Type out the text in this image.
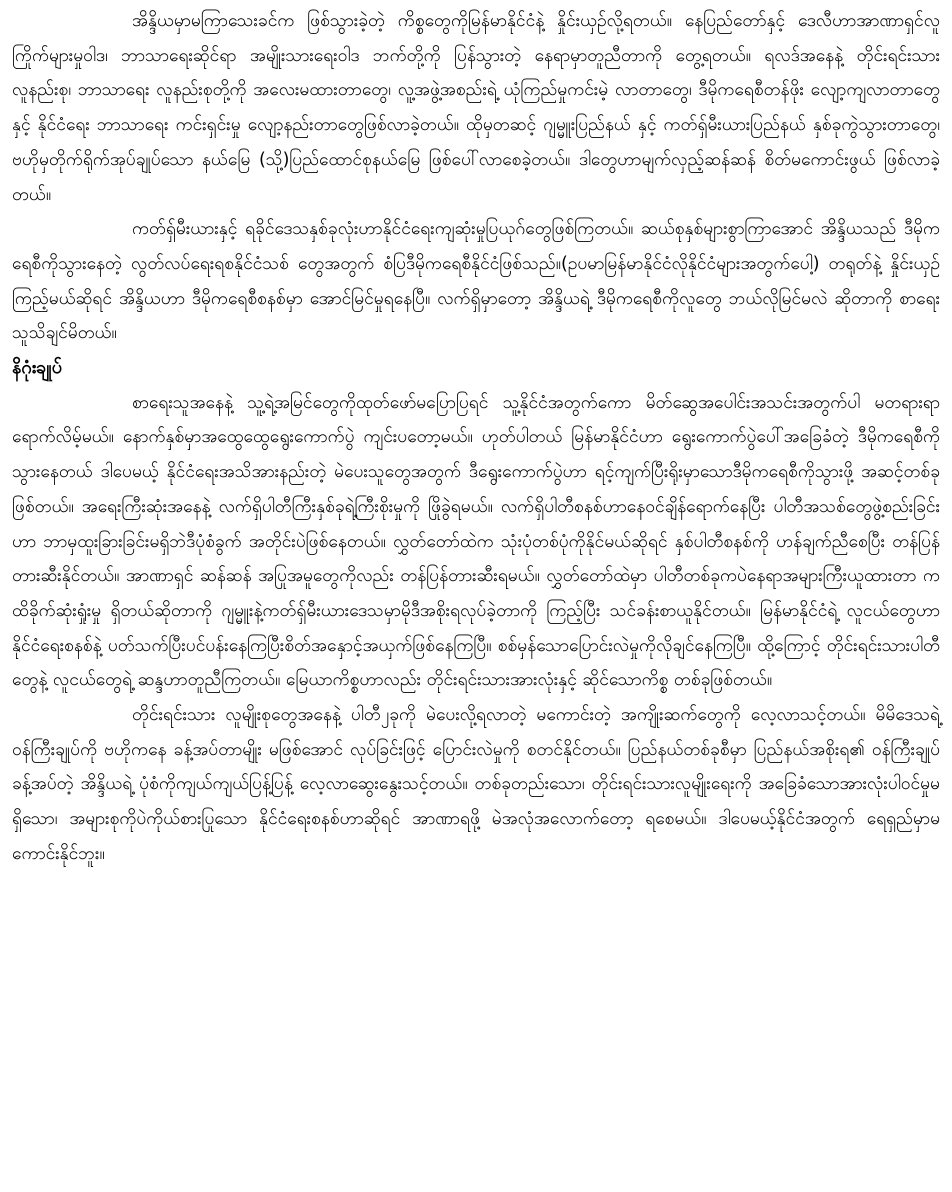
အိန္ဒိယမှာမကြာသေးခင်က ဖြစ်သွားခဲ့တဲ့ ကိစ္စတွေကိုမြန်မာနိုင်ငံနဲ့ နှိုင်းယှဉ်လို့ရတယ်။ နေပြည်တော်နှင့် ဒေလီဟာအာဏာရှင်လူကြိုက်များမှုဝါဒ၊ ဘာသာရေးဆိုင်ရာ အမျိုးသားရေးဝါဒ ဘက်တို့ကို ပြန်သွားတဲ့ နေရာမှာတူညီတာကို တွေ့ရတယ်။ ရလဒ်အနေနဲ့ တိုင်းရင်းသား လူနည်းစု၊ ဘာသာရေး လူနည်းစုတို့ကို အလေးမထားတာတွေ၊ လူ့အဖွဲ့အစည်းရဲ့ ယုံကြည်မှုကင်းမဲ့ လာတာတွေ၊ ဒီမိုကရေစီတန်ဖိုး လျော့ကျလာတာတွေနှင့် နိုင်ငံရေး ဘာသာရေး ကင်းရှင်းမှု လျော့နည်းတာတွေဖြစ်လာခဲ့တယ်။ ထိုမှတဆင့် ဂျမ္မူးပြည်နယ် နှင့် ကတ်ရှ်မီးယားပြည်နယ် နှစ်ခုကွဲသွားတာတွေ၊ ဗဟိုမှတိုက်ရိုက်အုပ်ချုပ်သော နယ်မြေ (သို့)ပြည်ထောင်စုနယ်မြေ ဖြစ်ပေါ်လာစေခဲ့တယ်။ ဒါတွေဟာမျက်လှည့်ဆန်ဆန် စိတ်မကောင်းဖွယ် ဖြစ်လာခဲ့တယ်။

ကတ်ရှ်မီးယားနှင့် ရခိုင်ဒေသနှစ်ခုလုံးဟာနိုင်ငံရေးကျဆုံးမှုပြယုဂ်တွေဖြစ်ကြတယ်။ ဆယ်စုနှစ်များစွာကြာအောင် အိန္ဒိယသည် ဒီမိုကရေစီကိုသွားနေတဲ့ လွတ်လပ်ရေးရစနိုင်ငံသစ် တွေအတွက် စံပြဒီမိုကရေစီနိုင်ငံဖြစ်သည်။(ဥပမာမြန်မာနိုင်ငံလိုနိုင်ငံများအတွက်ပေါ့) တရုတ်နဲ့ နှိုင်းယှဉ်ကြည့်မယ်ဆိုရင် အိန္ဒိယဟာ ဒီမိုကရေစီစနစ်မှာ အောင်မြင်မှုရနေပြီ။ လက်ရှိမှာတော့ အိန္ဒိယရဲ့ ဒီမိုကရေစီကိုလူတွေ ဘယ်လိုမြင်မလဲ ဆိုတာကို စာရေးသူသိချင်မိတယ်။

နိဂုံးချုပ်

စာရေးသူအနေနဲ့ သူ့ရဲ့အမြင်တွေကိုထုတ်ဖော်မပြောပြရင် သူ့နိုင်ငံအတွက်ကော မိတ်ဆွေအပေါင်းအသင်းအတွက်ပါ မတရားရာရောက်လိမ့်မယ်။ နောက်နှစ်မှာအထွေထွေရွေးကောက်ပွဲ ကျင်းပတော့မယ်။ ဟုတ်ပါတယ် မြန်မာနိုင်ငံဟာ ရွေးကောက်ပွဲပေါ်အခြေခံတဲ့ ဒီမိုကရေစီကိုသွားနေတယ် ဒါပေမယ့် နိုင်ငံရေးအသိအားနည်းတဲ့ မဲပေးသူတွေအတွက် ဒီရွေးကောက်ပွဲဟာ ရင့်ကျက်ပြီးရိုးမှာသောဒီမိုကရေစီကိုသွားဖို့ အဆင့်တစ်ခုဖြစ်တယ်။ အရေးကြီးဆုံးအနေနဲ့ လက်ရှိပါတီကြီးနှစ်ခုရဲ့ကြီးစိုးမှုကို ဖြိုခွဲရမယ်။ လက်ရှိပါတီစနစ်ဟာနေဝင်ချိန်ရောက်နေပြီး ပါတီအသစ်တွေဖွဲ့စည်းခြင်းဟာ ဘာမှထူးခြားခြင်းမရှိဘဲဒီပုံစံခွက် အတိုင်းပဲဖြစ်နေတယ်။ လွှတ်တော်ထဲက သုံးပုံတစ်ပုံကိုနိုင်မယ်ဆိုရင် နှစ်ပါတီစနစ်ကို ဟန်ချက်ညီစေပြီး တန်ပြန်တားဆီးနိုင်တယ်။ အာဏာရှင် ဆန်ဆန် အပြုအမူတွေကိုလည်း တန်ပြန်တားဆီးရမယ်။ လွှတ်တော်ထဲမှာ ပါတီတစ်ခုကပဲနေရာအများကြီးယူထားတာ ကထိခိုက်ဆုံးရှုံးမှု ရှိတယ်ဆိုတာကို ဂျမ္မူးနဲ့ကတ်ရှ်မီးယားဒေသမှာမိုဒီအစိုးရလုပ်ခဲ့တာကို ကြည့်ပြီး သင်ခန်းစာယူနိုင်တယ်။ မြန်မာနိုင်ငံရဲ့ လူငယ်တွေဟာနိုင်ငံရေးစနစ်နဲ့ ပတ်သက်ပြီးပင်ပန်းနေကြပြီးစိတ်အနှောင့်အယှက်ဖြစ်နေကြပြီ။ စစ်မှန်သောပြောင်းလဲမှုကိုလိုချင်နေကြပြီ။ ထို့ကြောင့် တိုင်းရင်းသားပါတီတွေနဲ့ လူငယ်တွေရဲ့ ဆန္ဒဟာတူညီကြတယ်။ မြေယာကိစ္စဟာလည်း တိုင်းရင်းသားအားလုံးနှင့် ဆိုင်သောကိစ္စ တစ်ခုဖြစ်တယ်။

တိုင်းရင်းသား လူမျိုးစုတွေအနေနဲ့ ပါတီ၂ခုကို မဲပေးလို့ရလာတဲ့ မကောင်းတဲ့ အကျိုးဆက်တွေကို လေ့လာသင့်တယ်။ မိမိဒေသရဲ့ ဝန်ကြီးချုပ်ကို ဗဟိုကနေ ခန့်အပ်တာမျိုး မဖြစ်အောင် လုပ်ခြင်းဖြင့် ပြောင်းလဲမှုကို စတင်နိုင်တယ်။ ပြည်နယ်တစ်ခုစီမှာ ပြည်နယ်အစိုးရ၏ ဝန်ကြီးချုပ်ခန့်အပ်တဲ့ အိန္ဒိယရဲ့ ပုံစံကိုကျယ်ကျယ်ပြန့်ပြန့် လေ့လာဆွေးနွေးသင့်တယ်။ တစ်ခုတည်းသော၊ တိုင်းရင်းသားလူမျိုးရေးကို အခြေခံသောအားလုံးပါဝင်မှုမရှိသော၊ အများစုကိုပဲကိုယ်စားပြုသော နိုင်ငံရေးစနစ်ဟာဆိုရင် အာဏာရဖို့ မဲအလုံအလောက်တော့ ရစေမယ်။ ဒါပေမယ့်နိုင်ငံအတွက် ရေရှည်မှာမကောင်းနိုင်ဘူး။
